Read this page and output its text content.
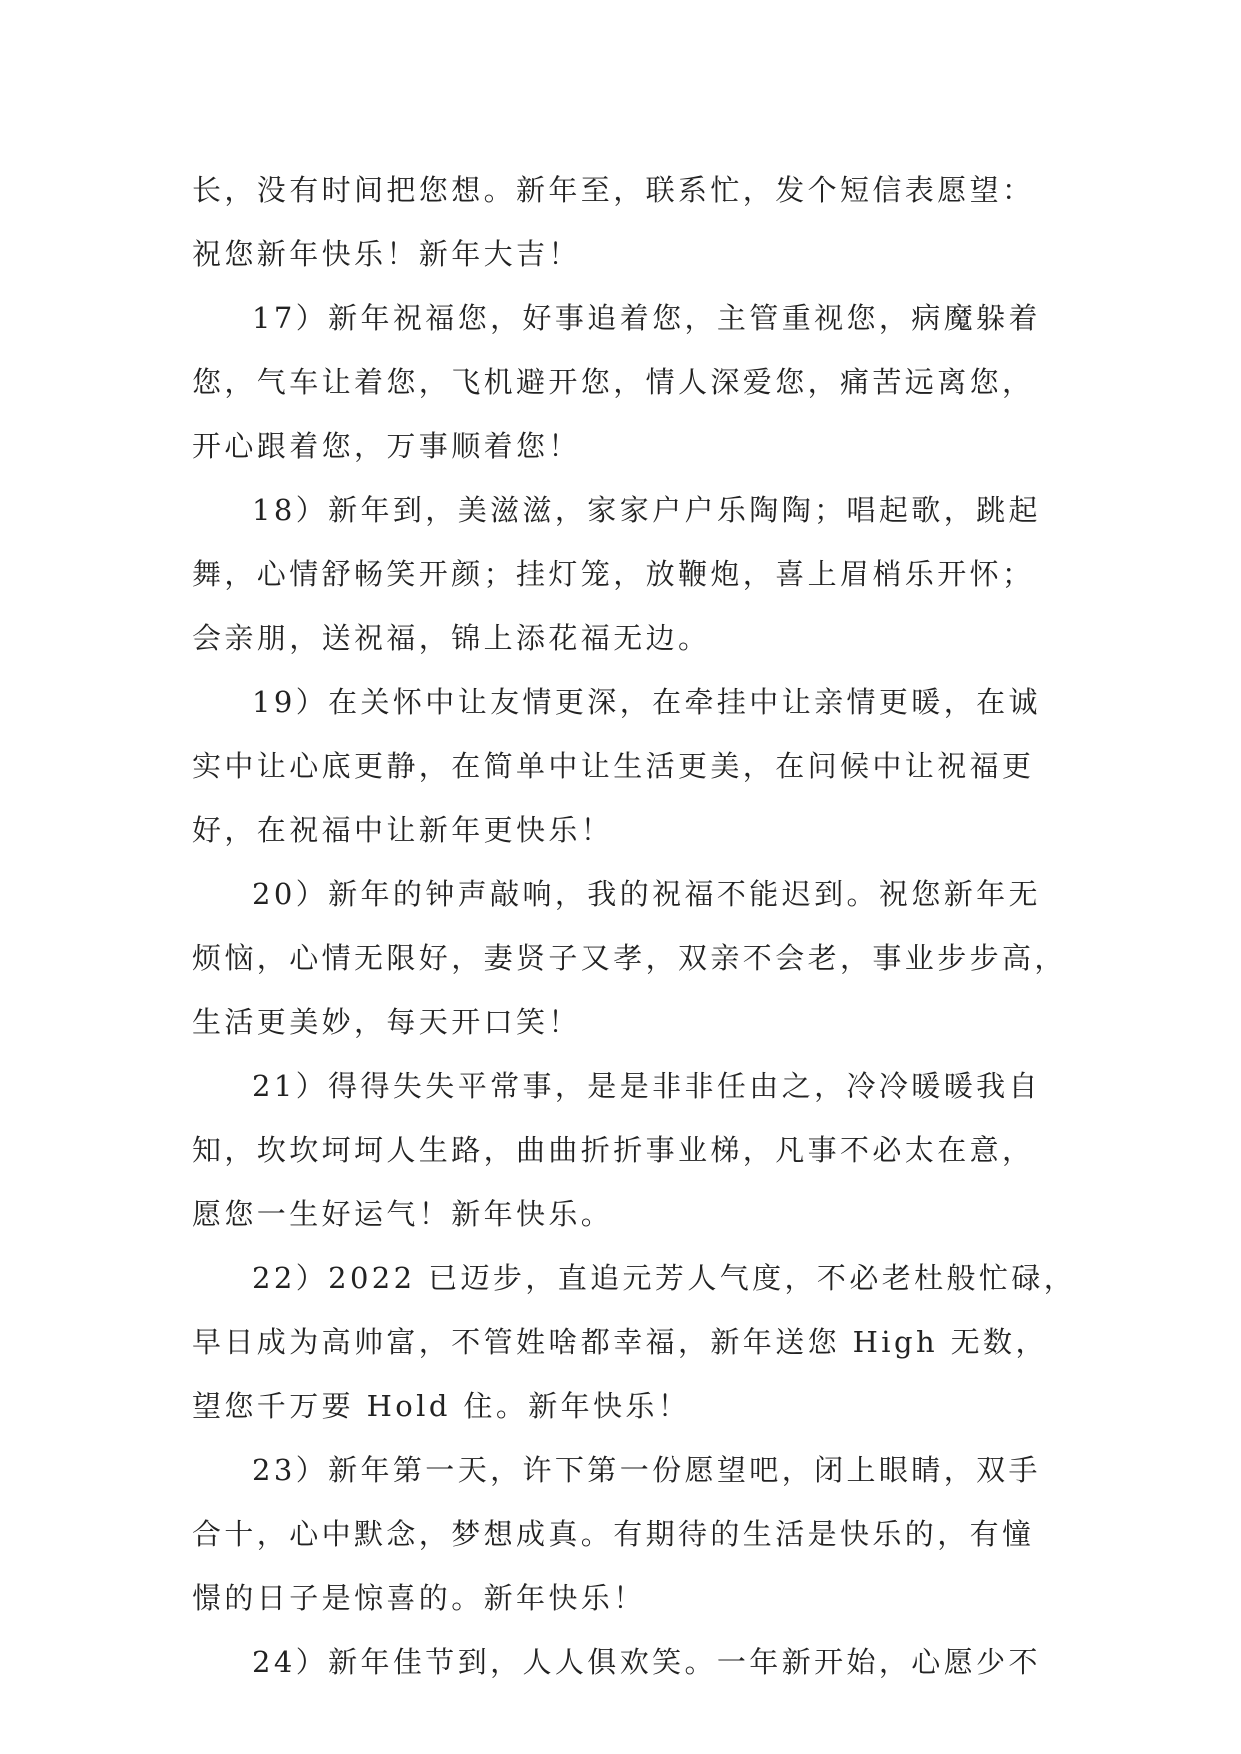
长，没有时间把您想。新年至，联系忙，发个短信表愿望：
祝您新年快乐！新年大吉！
17）新年祝福您，好事追着您，主管重视您，病魔躲着
您，气车让着您，飞机避开您，情人深爱您，痛苦远离您，
开心跟着您，万事顺着您！
18）新年到，美滋滋，家家户户乐陶陶；唱起歌，跳起
舞，心情舒畅笑开颜；挂灯笼，放鞭炮，喜上眉梢乐开怀；
会亲朋，送祝福，锦上添花福无边。
19）在关怀中让友情更深，在牵挂中让亲情更暖，在诚
实中让心底更静，在简单中让生活更美，在问候中让祝福更
好，在祝福中让新年更快乐！
20）新年的钟声敲响，我的祝福不能迟到。祝您新年无
烦恼，心情无限好，妻贤子又孝，双亲不会老，事业步步高，
生活更美妙，每天开口笑！
21）得得失失平常事，是是非非任由之，冷冷暖暖我自
知，坎坎坷坷人生路，曲曲折折事业梯，凡事不必太在意，
愿您一生好运气！新年快乐。
22）2022 已迈步，直追元芳人气度，不必老杜般忙碌，
早日成为高帅富，不管姓啥都幸福，新年送您 High 无数，
望您千万要 Hold 住。新年快乐！
23）新年第一天，许下第一份愿望吧，闭上眼睛，双手
合十，心中默念，梦想成真。有期待的生活是快乐的，有憧
憬的日子是惊喜的。新年快乐！
24）新年佳节到，人人俱欢笑。一年新开始，心愿少不
